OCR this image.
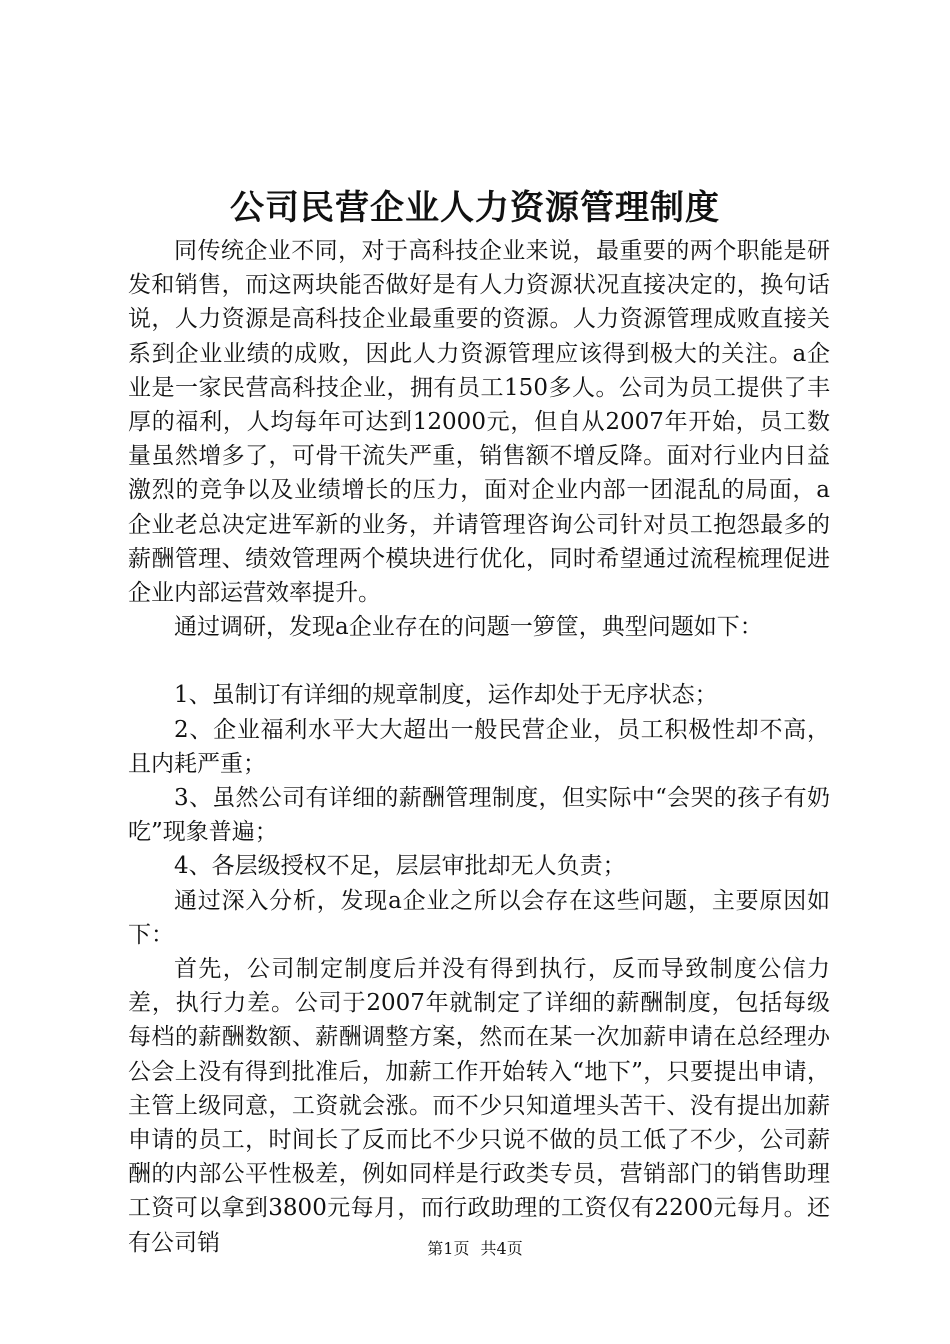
公司民营企业人力资源管理制度

同传统企业不同，对于高科技企业来说，最重要的两个职能是研发和销售，而这两块能否做好是有人力资源状况直接决定的，换句话说，人力资源是高科技企业最重要的资源。人力资源管理成败直接关系到企业业绩的成败，因此人力资源管理应该得到极大的关注。a企业是一家民营高科技企业，拥有员工150多人。公司为员工提供了丰厚的福利，人均每年可达到12000元，但自从2007年开始，员工数量虽然增多了，可骨干流失严重，销售额不增反降。面对行业内日益激烈的竞争以及业绩增长的压力，面对企业内部一团混乱的局面，a企业老总决定进军新的业务，并请管理咨询公司针对员工抱怨最多的薪酬管理、绩效管理两个模块进行优化，同时希望通过流程梳理促进企业内部运营效率提升。

通过调研，发现a企业存在的问题一箩筐，典型问题如下：

1、虽制订有详细的规章制度，运作却处于无序状态；

2、企业福利水平大大超出一般民营企业，员工积极性却不高，且内耗严重；

3、虽然公司有详细的薪酬管理制度，但实际中“会哭的孩子有奶吃”现象普遍；

4、各层级授权不足，层层审批却无人负责；

通过深入分析，发现a企业之所以会存在这些问题，主要原因如下：

首先，公司制定制度后并没有得到执行，反而导致制度公信力差，执行力差。公司于2007年就制定了详细的薪酬制度，包括每级每档的薪酬数额、薪酬调整方案，然而在某一次加薪申请在总经理办公会上没有得到批准后，加薪工作开始转入“地下”，只要提出申请，主管上级同意，工资就会涨。而不少只知道埋头苦干、没有提出加薪申请的员工，时间长了反而比不少只说不做的员工低了不少，公司薪酬的内部公平性极差，例如同样是行政类专员，营销部门的销售助理工资可以拿到3800元每月，而行政助理的工资仅有2200元每月。还有公司销	第1页 共4页
